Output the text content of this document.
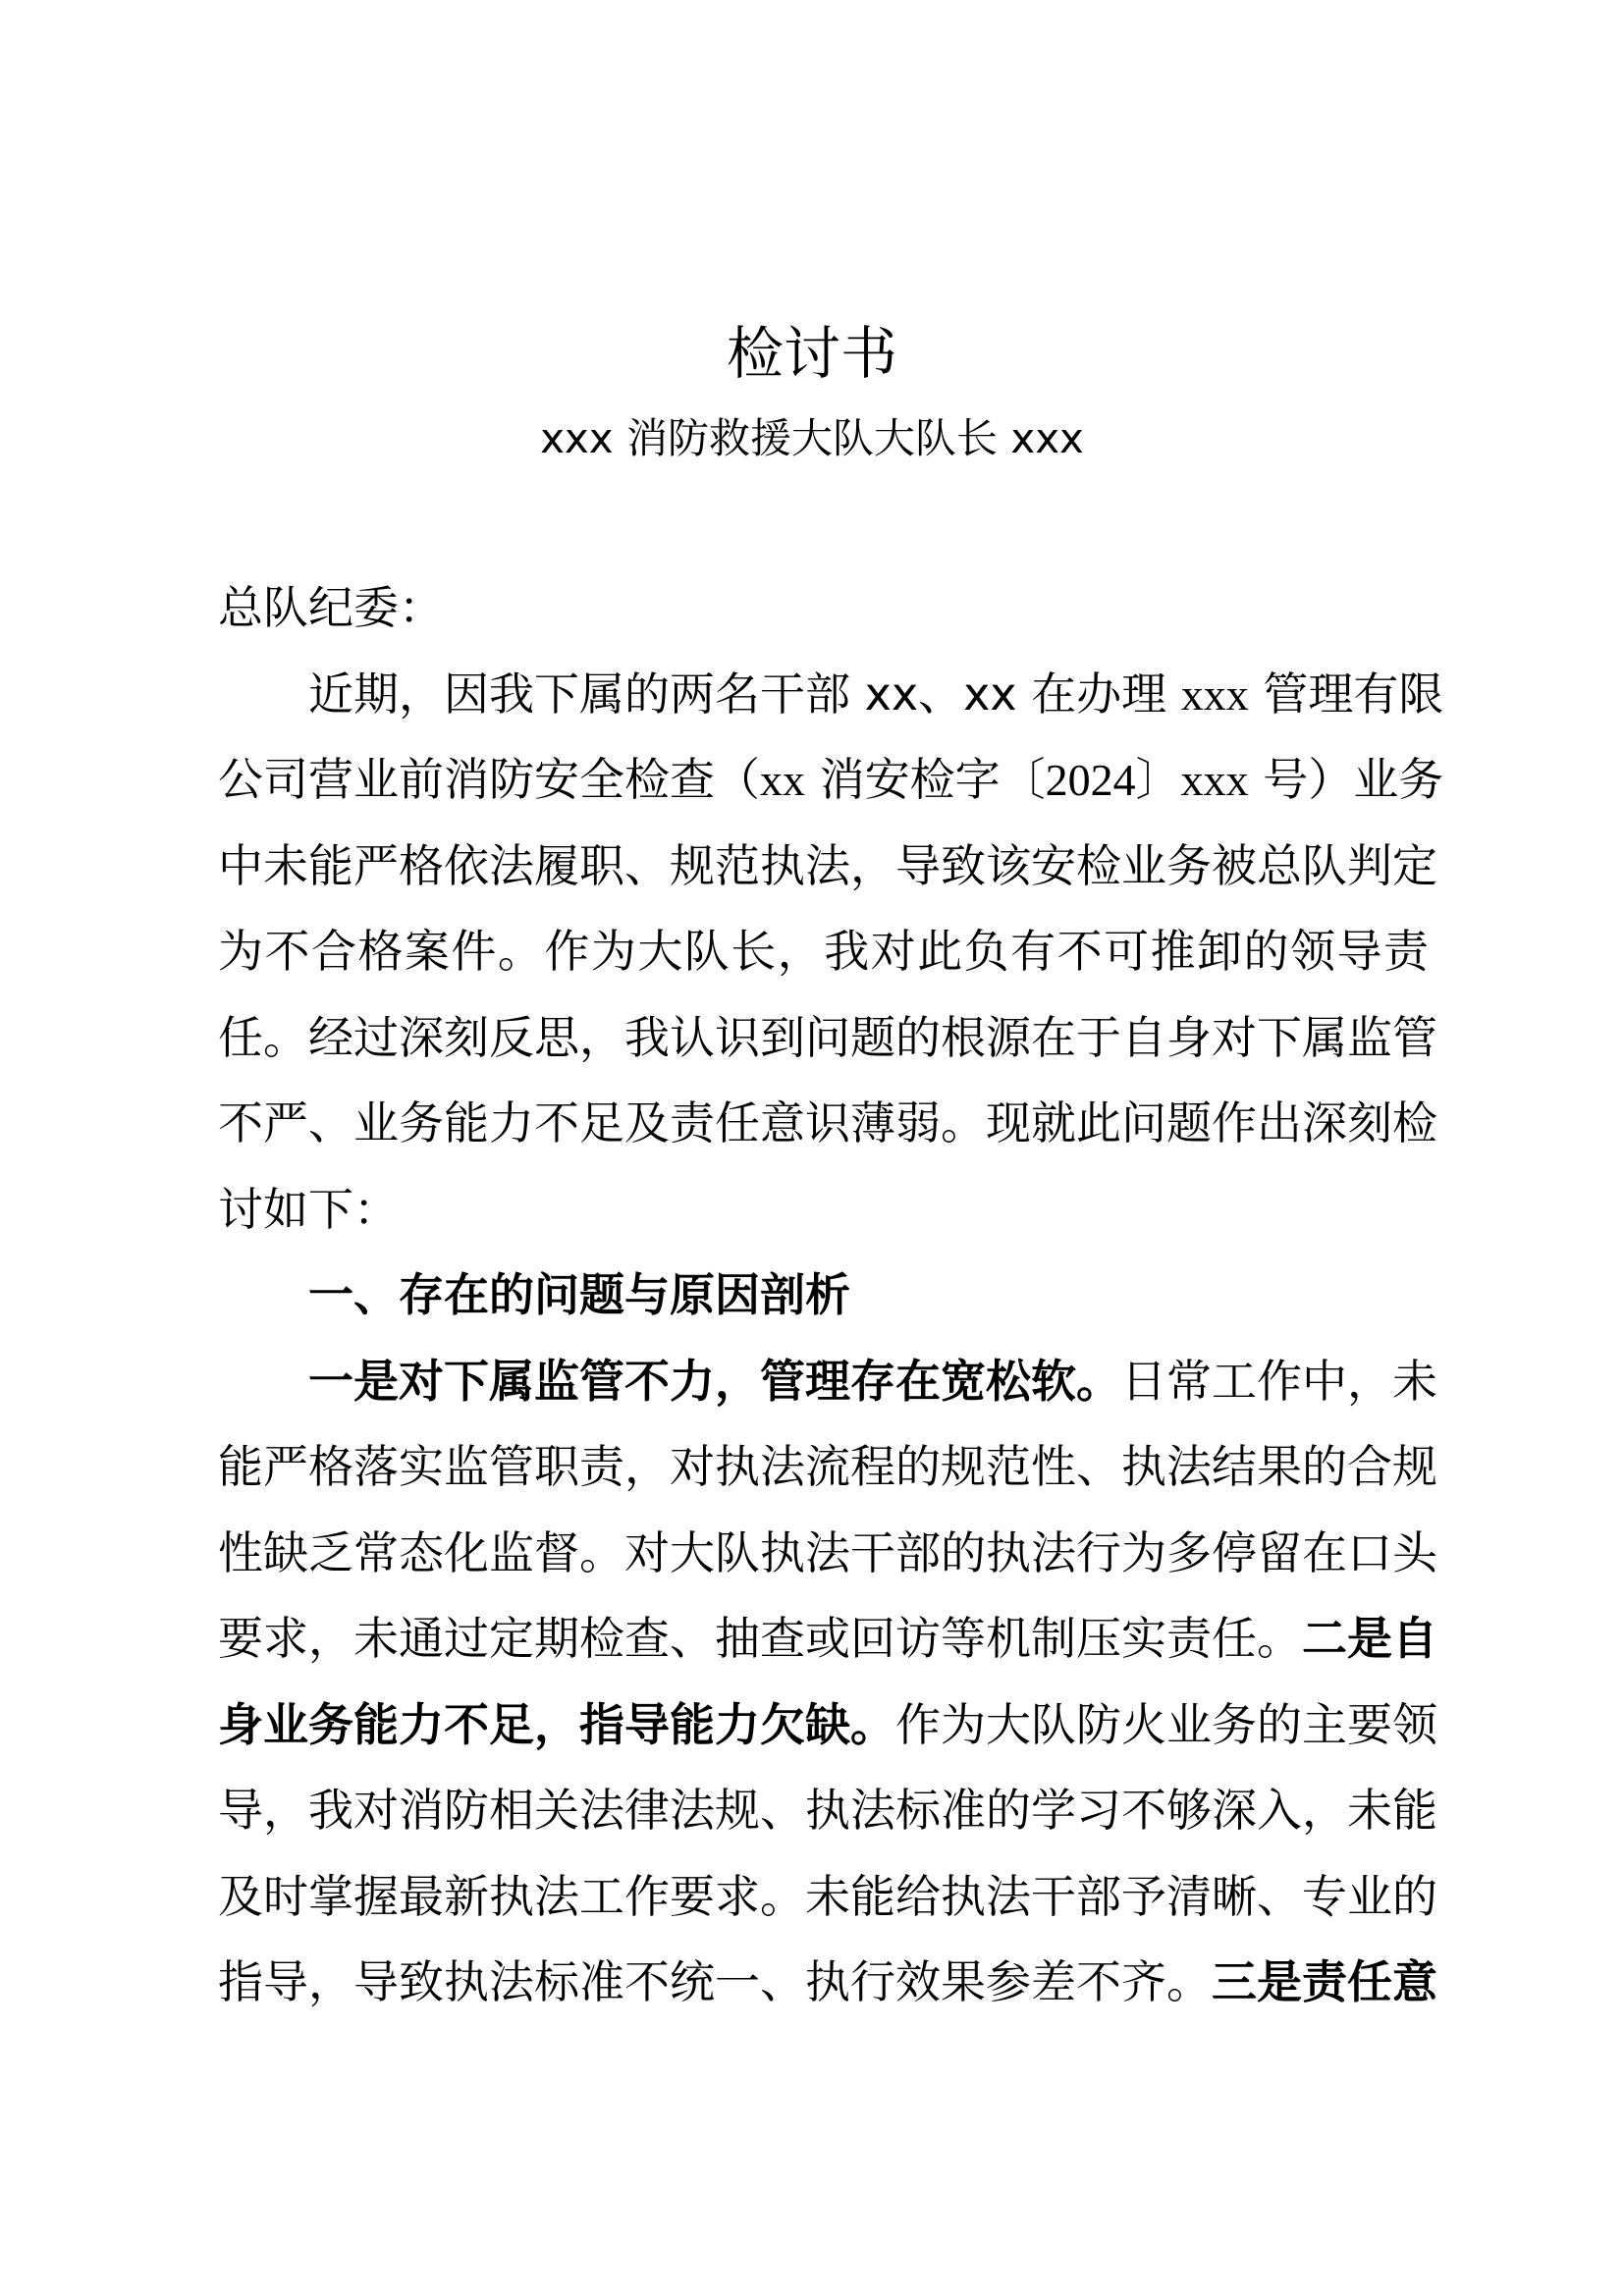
检讨书
xxx 消防救援大队大队长 xxx
总队纪委：
近期，因我下属的两名干部 xx、xx 在办理 xxx 管理有限
公司营业前消防安全检查（xx 消安检字〔2024〕xxx 号）业务
中未能严格依法履职、规范执法，导致该安检业务被总队判定
为不合格案件。作为大队长，我对此负有不可推卸的领导责
任。经过深刻反思，我认识到问题的根源在于自身对下属监管
不严、业务能力不足及责任意识薄弱。现就此问题作出深刻检
讨如下：
一、存在的问题与原因剖析
一是对下属监管不力，管理存在宽松软。日常工作中，未
能严格落实监管职责，对执法流程的规范性、执法结果的合规
性缺乏常态化监督。对大队执法干部的执法行为多停留在口头
要求，未通过定期检查、抽查或回访等机制压实责任。二是自
身业务能力不足，指导能力欠缺。作为大队防火业务的主要领
导，我对消防相关法律法规、执法标准的学习不够深入，未能
及时掌握最新执法工作要求。未能给执法干部予清晰、专业的
指导，导致执法标准不统一、执行效果参差不齐。三是责任意
